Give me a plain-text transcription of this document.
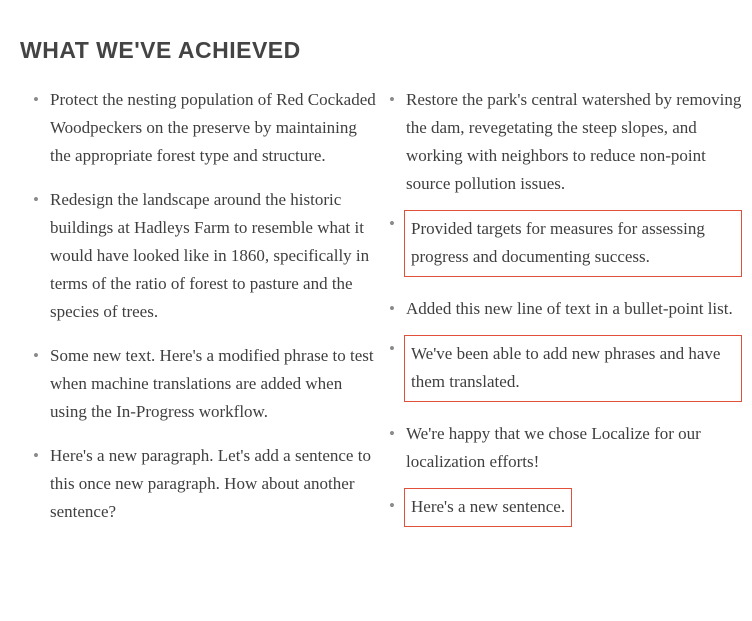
WHAT WE'VE ACHIEVED
• Protect the nesting population of Red Cockaded Woodpeckers on the preserve by maintaining the appropriate forest type and structure.
• Redesign the landscape around the historic buildings at Hadleys Farm to resemble what it would have looked like in 1860, specifically in terms of the ratio of forest to pasture and the species of trees.
• Some new text. Here's a modified phrase to test when machine translations are added when using the In-Progress workflow.
• Here's a new paragraph. Let's add a sentence to this once new paragraph. How about another sentence?
• Restore the park's central watershed by removing the dam, revegetating the steep slopes, and working with neighbors to reduce non-point source pollution issues.
• Provided targets for measures for assessing progress and documenting success.
• Added this new line of text in a bullet-point list.
• We've been able to add new phrases and have them translated.
• We're happy that we chose Localize for our localization efforts!
• Here's a new sentence.
